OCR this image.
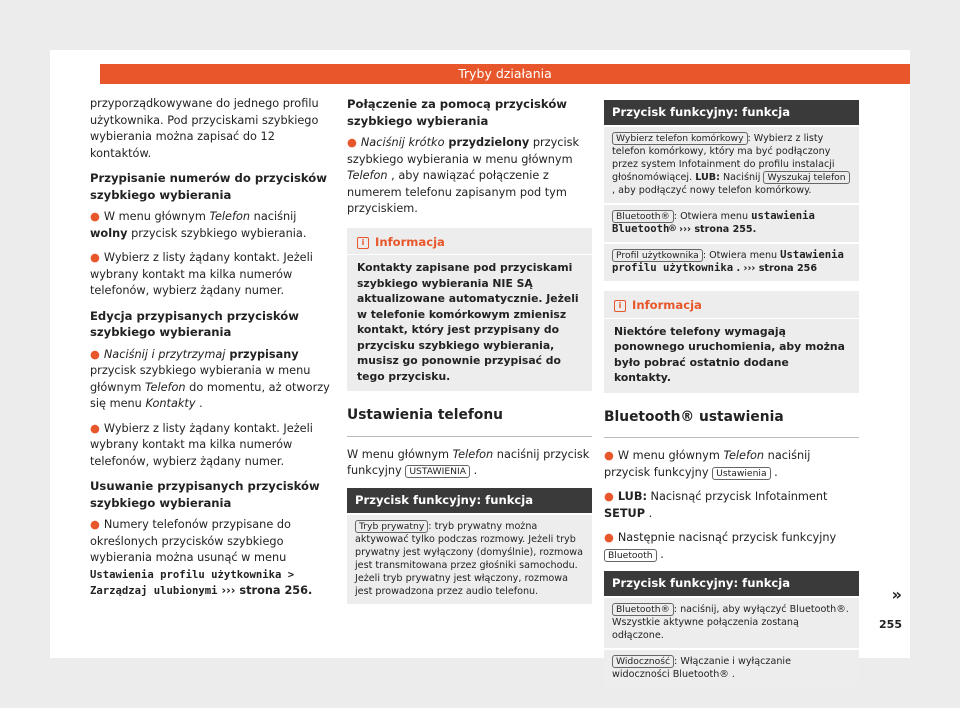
Tryby działania

przyporządkowywane do jednego profilu użytkownika. Pod przyciskami szybkiego wybierania można zapisać do 12 kontaktów.

Przypisanie numerów do przycisków szybkiego wybierania

● W menu głównym Telefon naciśnij wolny przycisk szybkiego wybierania.

● Wybierz z listy żądany kontakt. Jeżeli wybrany kontakt ma kilka numerów telefonów, wybierz żądany numer.

Edycja przypisanych przycisków szybkiego wybierania

● Naciśnij i przytrzymaj przypisany przycisk szybkiego wybierania w menu głównym Telefon do momentu, aż otworzy się menu Kontakty .

● Wybierz z listy żądany kontakt. Jeżeli wybrany kontakt ma kilka numerów telefonów, wybierz żądany numer.

Usuwanie przypisanych przycisków szybkiego wybierania

● Numery telefonów przypisane do określonych przycisków szybkiego wybierania można usunąć w menu Ustawienia profilu użytkownika > Zarządzaj ulubionymi ››› strona 256.

Połączenie za pomocą przycisków szybkiego wybierania

● Naciśnij krótko przydzielony przycisk szybkiego wybierania w menu głównym Telefon , aby nawiązać połączenie z numerem telefonu zapisanym pod tym przyciskiem.

i Informacja
Kontakty zapisane pod przyciskami szybkiego wybierania NIE SĄ aktualizowane automatycznie. Jeżeli w telefonie komórkowym zmienisz kontakt, który jest przypisany do przycisku szybkiego wybierania, musisz go ponownie przypisać do tego przycisku.
Ustawienia telefonu

W menu głównym Telefon naciśnij przycisk funkcyjny USTAWIENIA .

Przycisk funkcyjny: funkcja
Tryb prywatny : tryb prywatny można aktywować tylko podczas rozmowy. Jeżeli tryb prywatny jest wyłączony (domyślnie), rozmowa jest transmitowana przez głośniki samochodu. Jeżeli tryb prywatny jest włączony, rozmowa jest prowadzona przez audio telefonu.
Przycisk funkcyjny: funkcja
Wybierz telefon komórkowy : Wybierz z listy telefon komórkowy, który ma być podłączony przez system Infotainment do profilu instalacji głośnomówiącej. LUB: Naciśnij Wyszukaj telefon , aby podłączyć nowy telefon komórkowy.
Bluetooth® : Otwiera menu ustawienia Bluetooth® ››› strona 255.
Profil użytkownika : Otwiera menu Ustawienia profilu użytkownika . ››› strona 256
i Informacja
Niektóre telefony wymagają ponownego uruchomienia, aby można było pobrać ostatnio dodane kontakty.
Bluetooth® ustawienia

● W menu głównym Telefon naciśnij przycisk funkcyjny Ustawienia .

● LUB: Nacisnąć przycisk Infotainment SETUP .

● Następnie nacisnąć przycisk funkcyjny Bluetooth .

Przycisk funkcyjny: funkcja
Bluetooth® : naciśnij, aby wyłączyć Bluetooth®. Wszystkie aktywne połączenia zostaną odłączone.
Widoczność : Włączanie i wyłączanie widoczności Bluetooth® .
»
255
